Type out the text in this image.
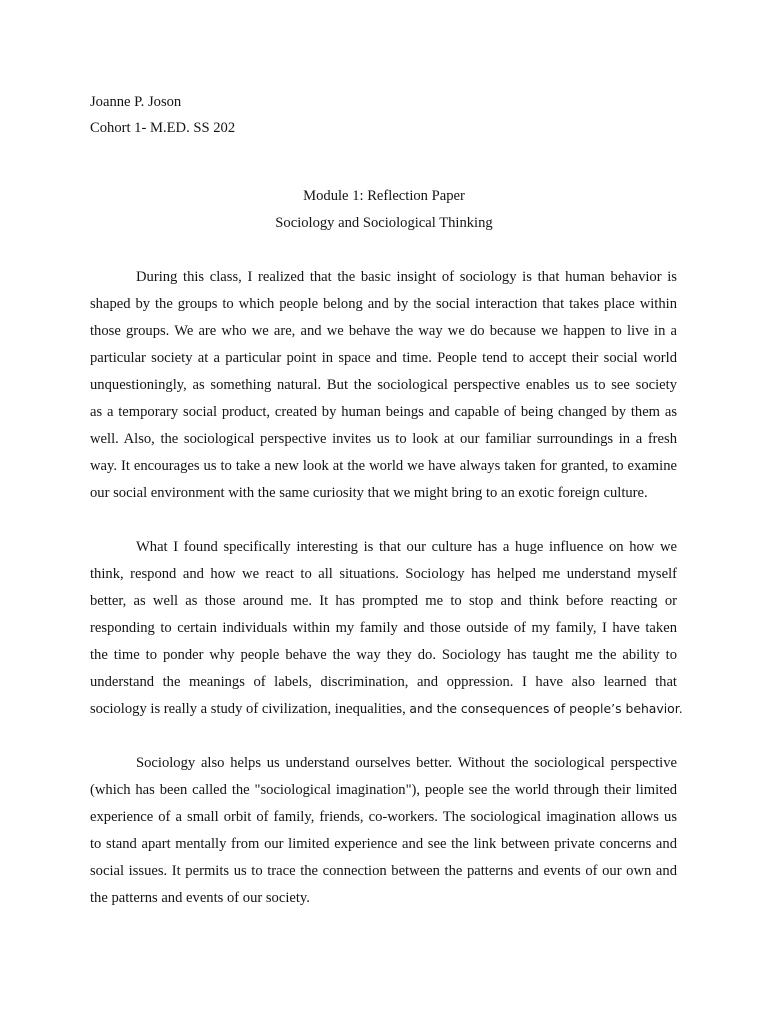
Joanne P. Joson

Cohort 1- M.ED. SS 202

Module 1: Reflection Paper

Sociology and Sociological Thinking

During this class, I realized that the basic insight of sociology is that human behavior is

shaped by the groups to which people belong and by the social interaction that takes place within

those groups. We are who we are, and we behave the way we do because we happen to live in a

particular society at a particular point in space and time. People tend to accept their social world

unquestioningly, as something natural. But the sociological perspective enables us to see society

as a temporary social product, created by human beings and capable of being changed by them as

well. Also, the sociological perspective invites us to look at our familiar surroundings in a fresh

way. It encourages us to take a new look at the world we have always taken for granted, to examine

our social environment with the same curiosity that we might bring to an exotic foreign culture.

What I found specifically interesting is that our culture has a huge influence on how we

think, respond and how we react to all situations. Sociology has helped me understand myself

better, as well as those around me. It has prompted me to stop and think before reacting or

responding to certain individuals within my family and those outside of my family, I have taken

the time to ponder why people behave the way they do. Sociology has taught me the ability to

understand the meanings of labels, discrimination, and oppression. I have also learned that

sociology is really a study of civilization, inequalities, and the consequences of people’s behavior.

Sociology also helps us understand ourselves better. Without the sociological perspective

(which has been called the "sociological imagination"), people see the world through their limited

experience of a small orbit of family, friends, co-workers. The sociological imagination allows us

to stand apart mentally from our limited experience and see the link between private concerns and

social issues. It permits us to trace the connection between the patterns and events of our own and

the patterns and events of our society.
